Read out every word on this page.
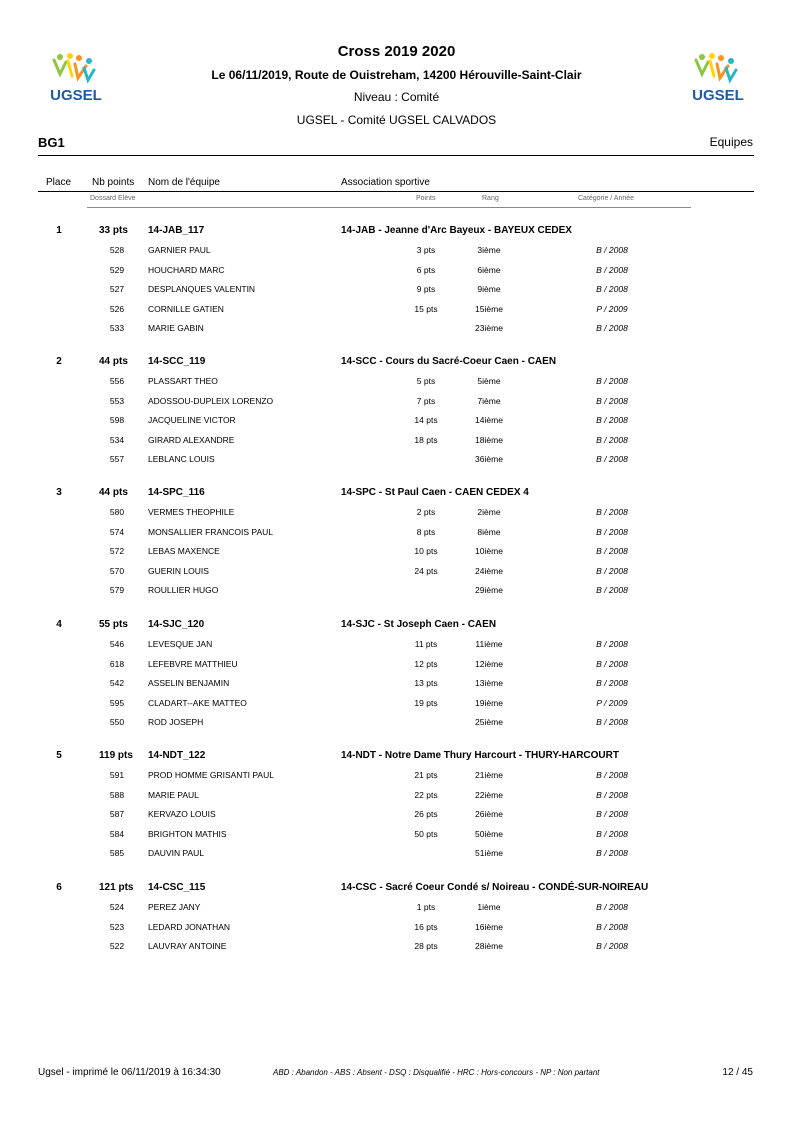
UGSEL	UGSEL
Cross 2019 2020
Le 06/11/2019, Route de Ouistreham, 14200 Hérouville-Saint-Clair
Niveau : Comité
UGSEL - Comité UGSEL CALVADOS
BG1	Equipes
Place Nb points Nom de l'équipe	Association sportive
Dossard Elève	Points	Rang	Catégorie / Année
1	33 pts 14-JAB_117	14-JAB - Jeanne d'Arc Bayeux - BAYEUX CEDEX
528	GARNIER PAUL	3 pts	3ième	B / 2008
529	HOUCHARD MARC	6 pts	6ième	B / 2008
527	DESPLANQUES VALENTIN	9 pts	9ième	B / 2008
526	CORNILLE GATIEN	15 pts	15ième	P / 2009
533	MARIE GABIN	23ième	B / 2008
2	44 pts 14-SCC_119	14-SCC - Cours du Sacré-Coeur Caen - CAEN
556	PLASSART THEO	5 pts	5ième	B / 2008
553	ADOSSOU-DUPLEIX LORENZO	7 pts	7ième	B / 2008
598	JACQUELINE VICTOR	14 pts	14ième	B / 2008
534	GIRARD ALEXANDRE	18 pts	18ième	B / 2008
557	LEBLANC LOUIS	36ième	B / 2008
3	44 pts 14-SPC_116	14-SPC - St Paul Caen - CAEN CEDEX 4
580	VERMES THEOPHILE	2 pts	2ième	B / 2008
574	MONSALLIER FRANCOIS PAUL	8 pts	8ième	B / 2008
572	LEBAS MAXENCE	10 pts	10ième	B / 2008
570	GUERIN LOUIS	24 pts	24ième	B / 2008
579	ROULLIER HUGO	29ième	B / 2008
4	55 pts 14-SJC_120	14-SJC - St Joseph Caen - CAEN
546	LEVESQUE JAN	11 pts	11ième	B / 2008
618	LEFEBVRE MATTHIEU	12 pts	12ième	B / 2008
542	ASSELIN BENJAMIN	13 pts	13ième	B / 2008
595	CLADART--AKE MATTEO	19 pts	19ième	P / 2009
550	ROD JOSEPH	25ième	B / 2008
5	119 pts 14-NDT_122	14-NDT - Notre Dame Thury Harcourt - THURY-HARCOURT
591	PROD HOMME GRISANTI PAUL	21 pts	21ième	B / 2008
588	MARIE PAUL	22 pts	22ième	B / 2008
587	KERVAZO LOUIS	26 pts	26ième	B / 2008
584	BRIGHTON MATHIS	50 pts	50ième	B / 2008
585	DAUVIN PAUL	51ième	B / 2008
6	121 pts 14-CSC_115	14-CSC - Sacré Coeur Condé s/ Noireau - CONDÉ-SUR-NOIREAU
524	PEREZ JANY	1 pts	1ième	B / 2008
523	LEDARD JONATHAN	16 pts	16ième	B / 2008
522	LAUVRAY ANTOINE	28 pts	28ième	B / 2008
Ugsel - imprimé le 06/11/2019 à 16:34:30	ABD : Abandon - ABS : Absent - DSQ : Disqualifié - HRC : Hors-concours - NP : Non partant	12 / 45
